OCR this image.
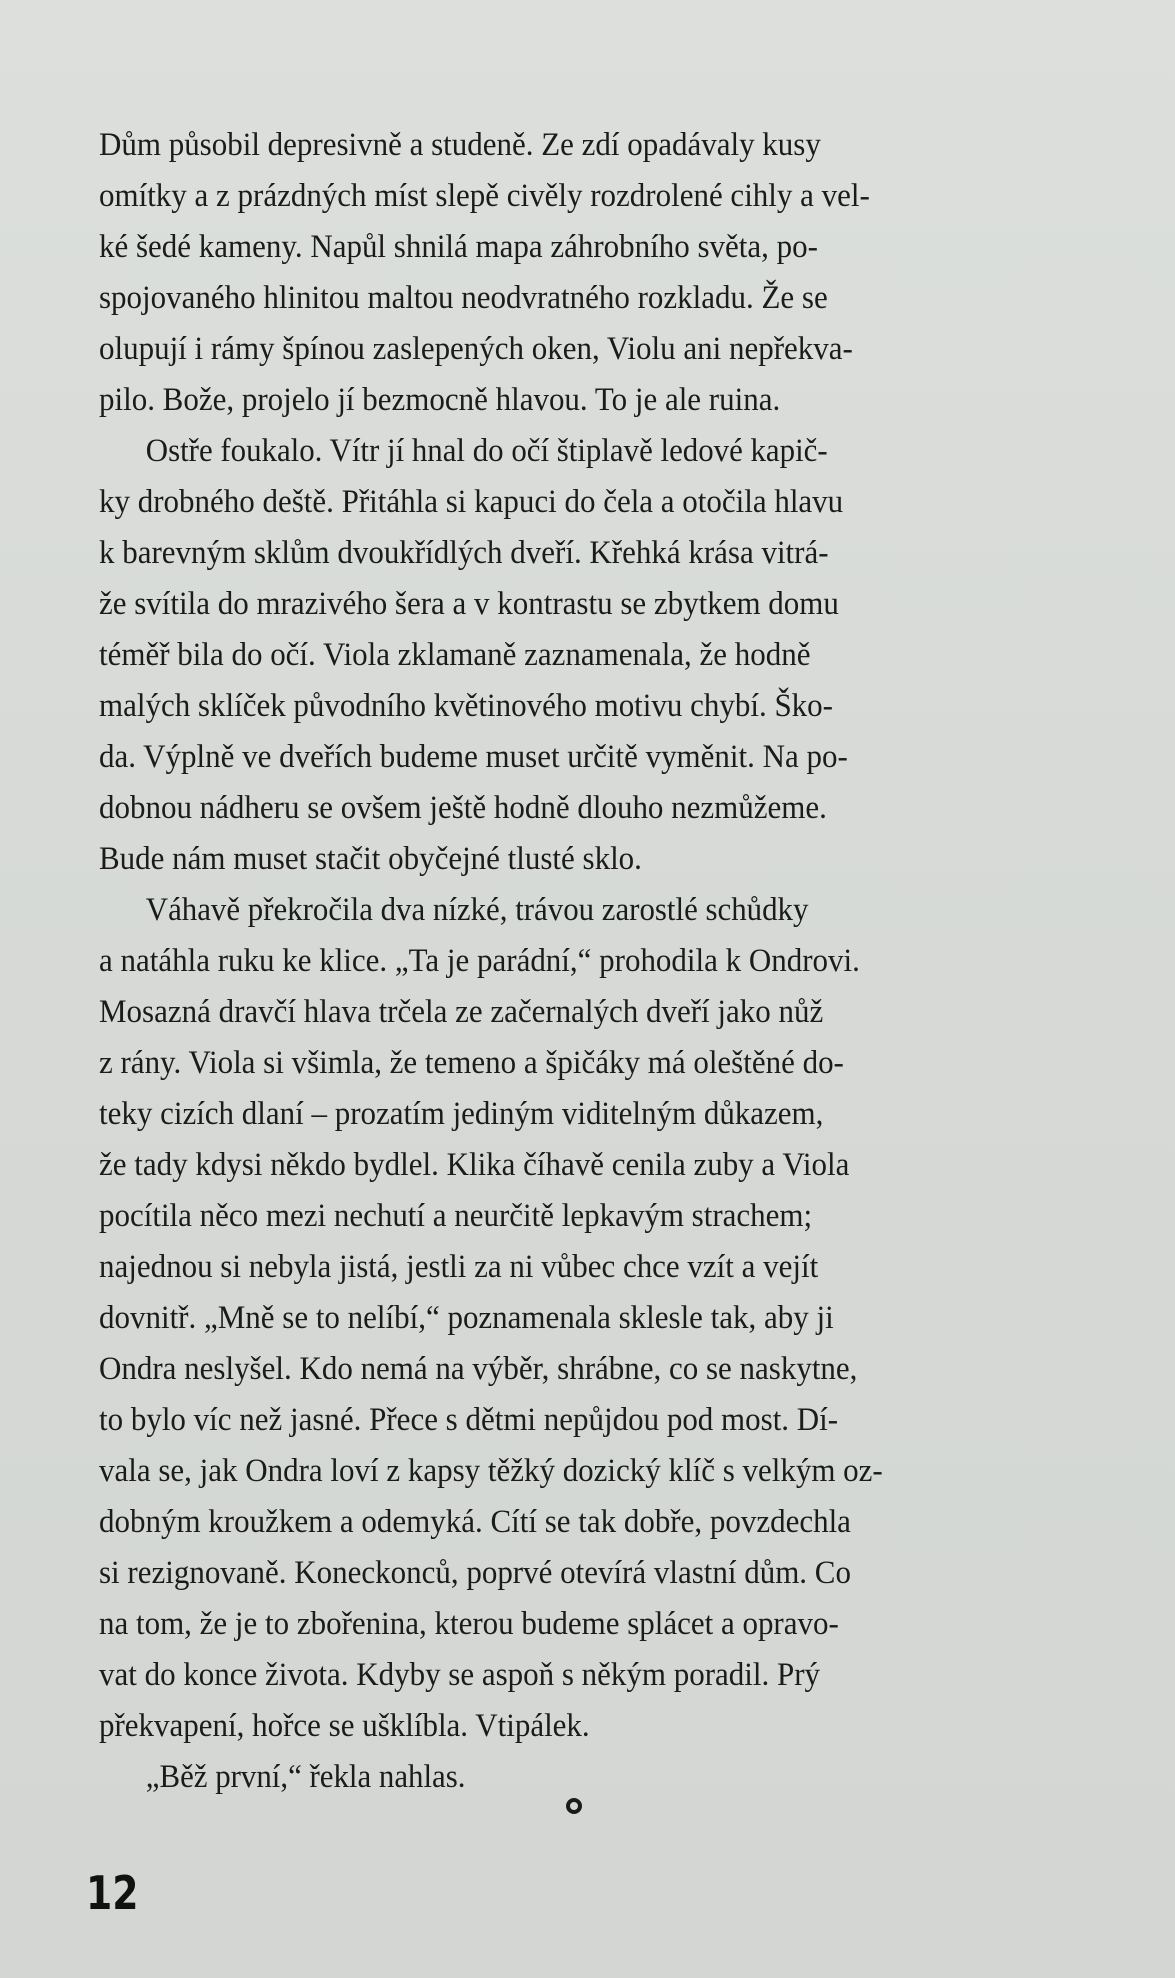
Dům působil depresivně a studeně. Ze zdí opadávaly kusy
omítky a z prázdných míst slepě civěly rozdrolené cihly a vel-
ké šedé kameny. Napůl shnilá mapa záhrobního světa, po-
spojovaného hlinitou maltou neodvratného rozkladu. Že se
olupují i rámy špínou zaslepených oken, Violu ani nepřekva-
pilo. Bože, projelo jí bezmocně hlavou. To je ale ruina.
Ostře foukalo. Vítr jí hnal do očí štiplavě ledové kapič-
ky drobného deště. Přitáhla si kapuci do čela a otočila hlavu
k barevným sklům dvoukřídlých dveří. Křehká krása vitrá-
že svítila do mrazivého šera a v kontrastu se zbytkem domu
téměř bila do očí. Viola zklamaně zaznamenala, že hodně
malých sklíček původního květinového motivu chybí. Ško-
da. Výplně ve dveřích budeme muset určitě vyměnit. Na po-
dobnou nádheru se ovšem ještě hodně dlouho nezmůžeme.
Bude nám muset stačit obyčejné tlusté sklo.
Váhavě překročila dva nízké, trávou zarostlé schůdky
a natáhla ruku ke klice. „Ta je parádní,“ prohodila k Ondrovi.
Mosazná dravčí hlava trčela ze začernalých dveří jako nůž
z rány. Viola si všimla, že temeno a špičáky má oleštěné do-
teky cizích dlaní – prozatím jediným viditelným důkazem,
že tady kdysi někdo bydlel. Klika číhavě cenila zuby a Viola
pocítila něco mezi nechutí a neurčitě lepkavým strachem;
najednou si nebyla jistá, jestli za ni vůbec chce vzít a vejít
dovnitř. „Mně se to nelíbí,“ poznamenala sklesle tak, aby ji
Ondra neslyšel. Kdo nemá na výběr, shrábne, co se naskytne,
to bylo víc než jasné. Přece s dětmi nepůjdou pod most. Dí-
vala se, jak Ondra loví z kapsy těžký dozický klíč s velkým oz-
dobným kroužkem a odemyká. Cítí se tak dobře, povzdechla
si rezignovaně. Koneckonců, poprvé otevírá vlastní dům. Co
na tom, že je to zbořenina, kterou budeme splácet a opravo-
vat do konce života. Kdyby se aspoň s někým poradil. Prý
překvapení, hořce se ušklíbla. Vtipálek.
„Běž první,“ řekla nahlas.
12
